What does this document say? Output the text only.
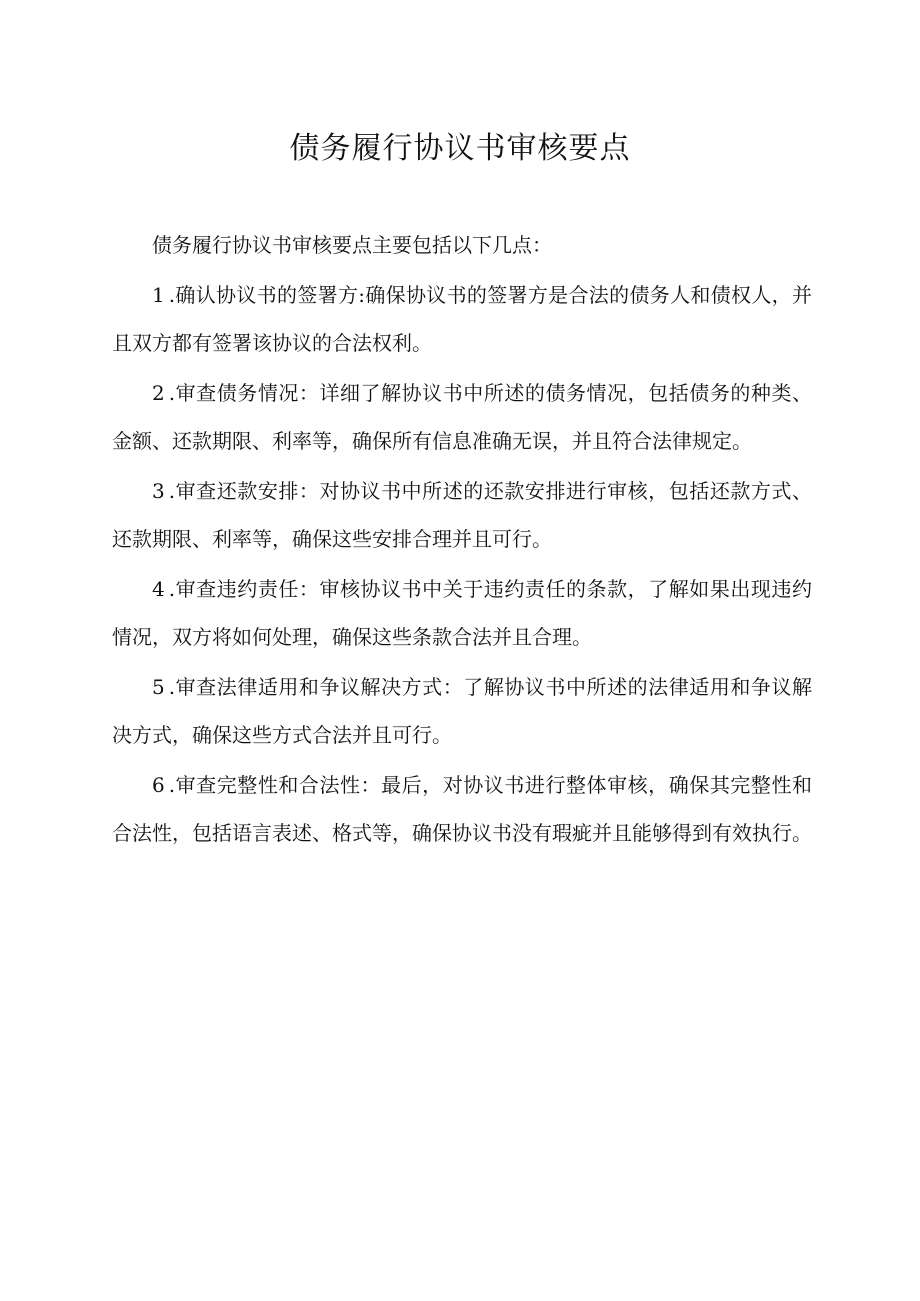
债务履行协议书审核要点

债务履行协议书审核要点主要包括以下几点：

1 .确认协议书的签署方:确保协议书的签署方是合法的债务人和债权人，并且双方都有签署该协议的合法权利。

2 .审查债务情况：详细了解协议书中所述的债务情况，包括债务的种类、金额、还款期限、利率等，确保所有信息准确无误，并且符合法律规定。

3 .审查还款安排：对协议书中所述的还款安排进行审核，包括还款方式、还款期限、利率等，确保这些安排合理并且可行。

4 .审查违约责任：审核协议书中关于违约责任的条款，了解如果出现违约情况，双方将如何处理，确保这些条款合法并且合理。

5 .审查法律适用和争议解决方式：了解协议书中所述的法律适用和争议解决方式，确保这些方式合法并且可行。

6 .审查完整性和合法性：最后，对协议书进行整体审核，确保其完整性和合法性，包括语言表述、格式等，确保协议书没有瑕疵并且能够得到有效执行。
